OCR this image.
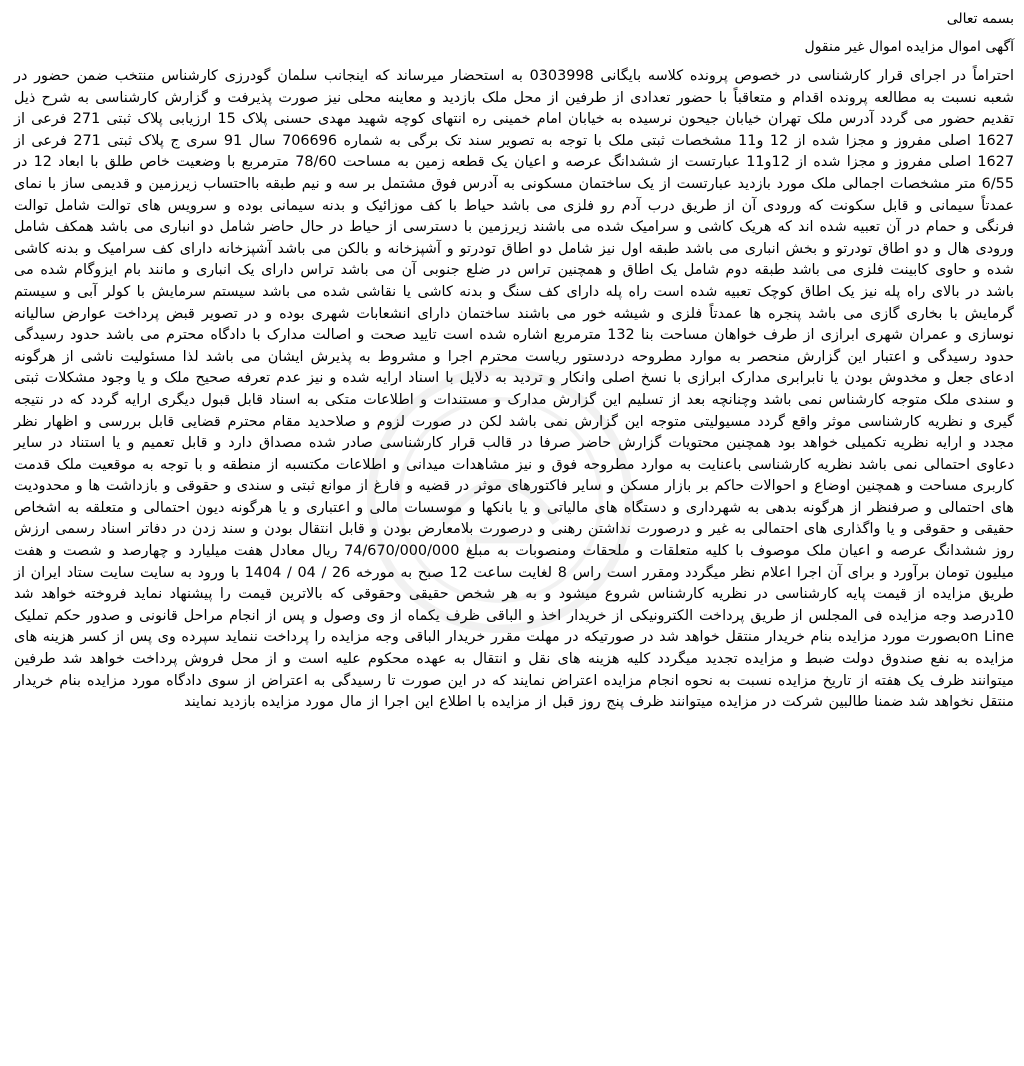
بسمه تعالی

آگهی اموال مزایده اموال غیر منقول

احتراماً در اجرای قرار کارشناسی در خصوص پرونده کلاسه بایگانی 0303998 به استحضار میرساند که اینجانب سلمان گودرزی کارشناس منتخب ضمن حضور در شعبه نسبت به مطالعه پرونده اقدام و متعاقباً با حضور تعدادی از طرفین از محل ملک بازدید و معاینه محلی نیز صورت پذیرفت و گزارش کارشناسی به شرح ذیل تقدیم حضور می گردد آدرس ملک تهران خیابان جیحون نرسیده به خیابان امام خمینی ره انتهای کوچه شهید مهدی حسنی پلاک 15 ارزیابی پلاک ثبتی 271 فرعی از 1627 اصلی مفروز و مجزا شده از 12 و11 مشخصات ثبتی ملک با توجه به تصویر سند تک برگی به شماره 706696 سال 91 سری ج پلاک ثبتی 271 فرعی از 1627 اصلی مفروز و مجزا شده از 12و11 عبارتست از ششدانگ عرصه و اعیان یک قطعه زمین به مساحت 78/60 مترمربع با وضعیت خاص طلق با ابعاد 12 در 6/55 متر مشخصات اجمالی ملک مورد بازدید عبارتست از یک ساختمان مسکونی به آدرس فوق مشتمل بر سه و نیم طبقه بااحتساب زیرزمین و قدیمی ساز با نمای عمدتاً سیمانی و قابل سکونت که ورودی آن از طریق درب آدم رو فلزی می باشد حیاط با کف موزائیک و بدنه سیمانی بوده و سرویس های توالت شامل توالت فرنگی و حمام در آن تعبیه شده اند که هریک کاشی و سرامیک شده می باشند زیرزمین با دسترسی از حیاط در حال حاضر شامل دو انباری می باشد همکف شامل ورودی هال و دو اطاق تودرتو و بخش انباری می باشد طبقه اول نیز شامل دو اطاق تودرتو و آشپزخانه و بالکن می باشد آشپزخانه دارای کف سرامیک و بدنه کاشی شده و حاوی کابینت فلزی می باشد طبقه دوم شامل یک اطاق و همچنین تراس در ضلع جنوبی آن می باشد تراس دارای یک انباری و مانند بام ایزوگام شده می باشد در بالای راه پله نیز یک اطاق کوچک تعبیه شده است راه پله دارای کف سنگ و بدنه کاشی یا نقاشی شده می باشد سیستم سرمایش با کولر آبی و سیستم گرمایش با بخاری گازی می باشد پنجره ها عمدتاً فلزی و شیشه خور می باشند ساختمان دارای انشعابات شهری بوده و در تصویر قبض پرداخت عوارض سالیانه نوسازی و عمران شهری ابرازی از طرف خواهان مساحت بنا 132 مترمربع اشاره شده است تایید صحت و اصالت مدارک با دادگاه محترم می باشد حدود رسیدگی حدود رسیدگی و اعتبار این گزارش منحصر به موارد مطروحه دردستور ریاست محترم اجرا و مشروط به پذیرش ایشان می باشد لذا مسئولیت ناشی از هرگونه ادعای جعل و مخدوش بودن یا نابرابری مدارک ابرازی با نسخ اصلی وانکار و تردید به دلایل با اسناد ارایه شده و نیز عدم تعرفه صحیح ملک و یا وجود مشکلات ثبتی و سندی ملک متوجه کارشناس نمی باشد وچنانچه بعد از تسلیم این گزارش مدارک و مستندات و اطلاعات متکی به اسناد قابل قبول دیگری ارایه گردد که در نتیجه گیری و نظریه کارشناسی موثر واقع گردد مسیولیتی متوجه این گزارش نمی باشد لکن در صورت لزوم و صلاحدید مقام محترم قضایی قابل بررسی و اظهار نظر مجدد و ارایه نظریه تکمیلی خواهد بود همچنین محتویات گزارش حاضر صرفا در قالب قرار کارشناسی صادر شده مصداق دارد و قابل تعمیم و یا استناد در سایر دعاوی احتمالی نمی باشد نظریه کارشناسی باعنایت به موارد مطروحه فوق و نیز مشاهدات میدانی و اطلاعات مکتسبه از منطقه و با توجه به موقعیت ملک قدمت کاربری مساحت و همچنین اوضاع و احوالات حاکم بر بازار مسکن و سایر فاکتورهای موثر در قضیه و فارغ از موانع ثبتی و سندی و حقوقی و بازداشت ها و محدودیت های احتمالی و صرفنظر از هرگونه بدهی به شهرداری و دستگاه های مالیاتی و یا بانکها و موسسات مالی و اعتباری و یا هرگونه دیون احتمالی و متعلقه به اشخاص حقیقی و حقوقی و یا واگذاری های احتمالی به غیر و درصورت نداشتن رهنی و درصورت بلامعارض بودن و قابل انتقال بودن و سند زدن در دفاتر اسناد رسمی ارزش روز ششدانگ عرصه و اعیان ملک موصوف با کلیه متعلقات و ملحقات ومنصوبات به مبلغ 74/670/000/000 ریال معادل هفت میلیارد و چهارصد و شصت و هفت میلیون تومان برآورد و برای آن اجرا اعلام نظر میگردد ومقرر است راس 8 لغایت ساعت 12 صبح به مورخه 26 / 04 / 1404 با ورود به سایت سایت ستاد ایران از طریق مزایده از قیمت پایه کارشناسی در نظریه کارشناس شروع میشود و به هر شخص حقیقی وحقوقی که بالاترین قیمت را پیشنهاد نماید فروخته خواهد شد 10درصد وجه مزایده فی المجلس از طریق پرداخت الکترونیکی از خریدار اخذ و الباقی ظرف یکماه از وی وصول و پس از انجام مراحل قانونی و صدور حکم تملیک on Lineبصورت مورد مزایده بنام خریدار منتقل خواهد شد در صورتیکه در مهلت مقرر خریدار الباقی وجه مزایده را پرداخت ننماید سپرده وی پس از کسر هزینه های مزایده به نفع صندوق دولت ضبط و مزایده تجدید میگردد کلیه هزینه های نقل و انتقال به عهده محکوم علیه است و از محل فروش پرداخت خواهد شد طرفین میتوانند ظرف یک هفته از تاریخ مزایده نسبت به نحوه انجام مزایده اعتراض نمایند که در این صورت تا رسیدگی به اعتراض از سوی دادگاه مورد مزایده بنام خریدار منتقل نخواهد شد ضمنا طالبین شرکت در مزایده میتوانند ظرف پنج روز قبل از مزایده با اطلاع این اجرا از مال مورد مزایده بازدید نمایند
